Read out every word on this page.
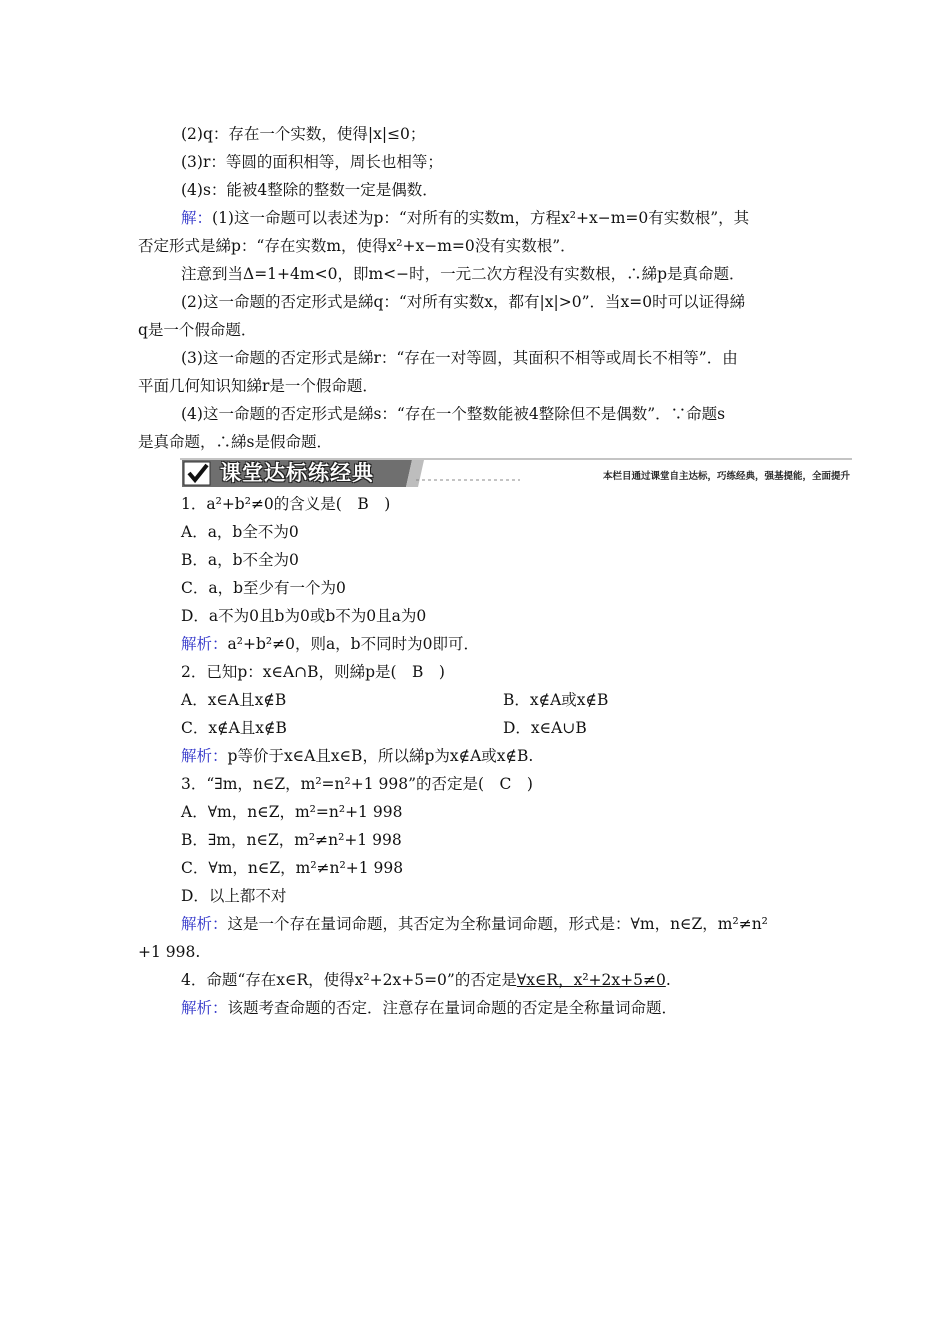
(2)q：存在一个实数，使得|x|≤0；
(3)r：等圆的面积相等，周长也相等；
(4)s：能被4整除的整数一定是偶数．
解：(1)这一命题可以表述为p：“对所有的实数m，方程x²+x−m=0有实数根”，其
否定形式是綈p：“存在实数m，使得x²+x−m=0没有实数根”．
注意到当Δ=1+4m<0，即m<−时，一元二次方程没有实数根，∴綈p是真命题．
(2)这一命题的否定形式是綈q：“对所有实数x，都有|x|>0”．当x=0时可以证得綈
q是一个假命题．
(3)这一命题的否定形式是綈r：“存在一对等圆，其面积不相等或周长不相等”．由
平面几何知识知綈r是一个假命题．
(4)这一命题的否定形式是綈s：“存在一个整数能被4整除但不是偶数”．∵命题s
是真命题，∴綈s是假命题．
课堂达标练经典	本栏目通过课堂自主达标，巧练经典，强基提能，全面提升
1．a²+b²≠0的含义是(　B　)
A．a，b全不为0
B．a，b不全为0
C．a，b至少有一个为0
D．a不为0且b为0或b不为0且a为0
解析：a²+b²≠0，则a，b不同时为0即可．
2．已知p：x∈A∩B，则綈p是(　B　)
A．x∈A且x∉B	B．x∉A或x∉B
C．x∉A且x∉B	D．x∈A∪B
解析：p等价于x∈A且x∈B，所以綈p为x∉A或x∉B.
3．“∃m，n∈Z，m²=n²+1 998”的否定是(　C　)
A．∀m，n∈Z，m²=n²+1 998
B．∃m，n∈Z，m²≠n²+1 998
C．∀m，n∈Z，m²≠n²+1 998
D．以上都不对
解析：这是一个存在量词命题，其否定为全称量词命题，形式是：∀m，n∈Z，m²≠n²
+1 998.
4．命题“存在x∈R，使得x²+2x+5=0”的否定是∀x∈R，x²+2x+5≠0.
解析：该题考查命题的否定．注意存在量词命题的否定是全称量词命题．
